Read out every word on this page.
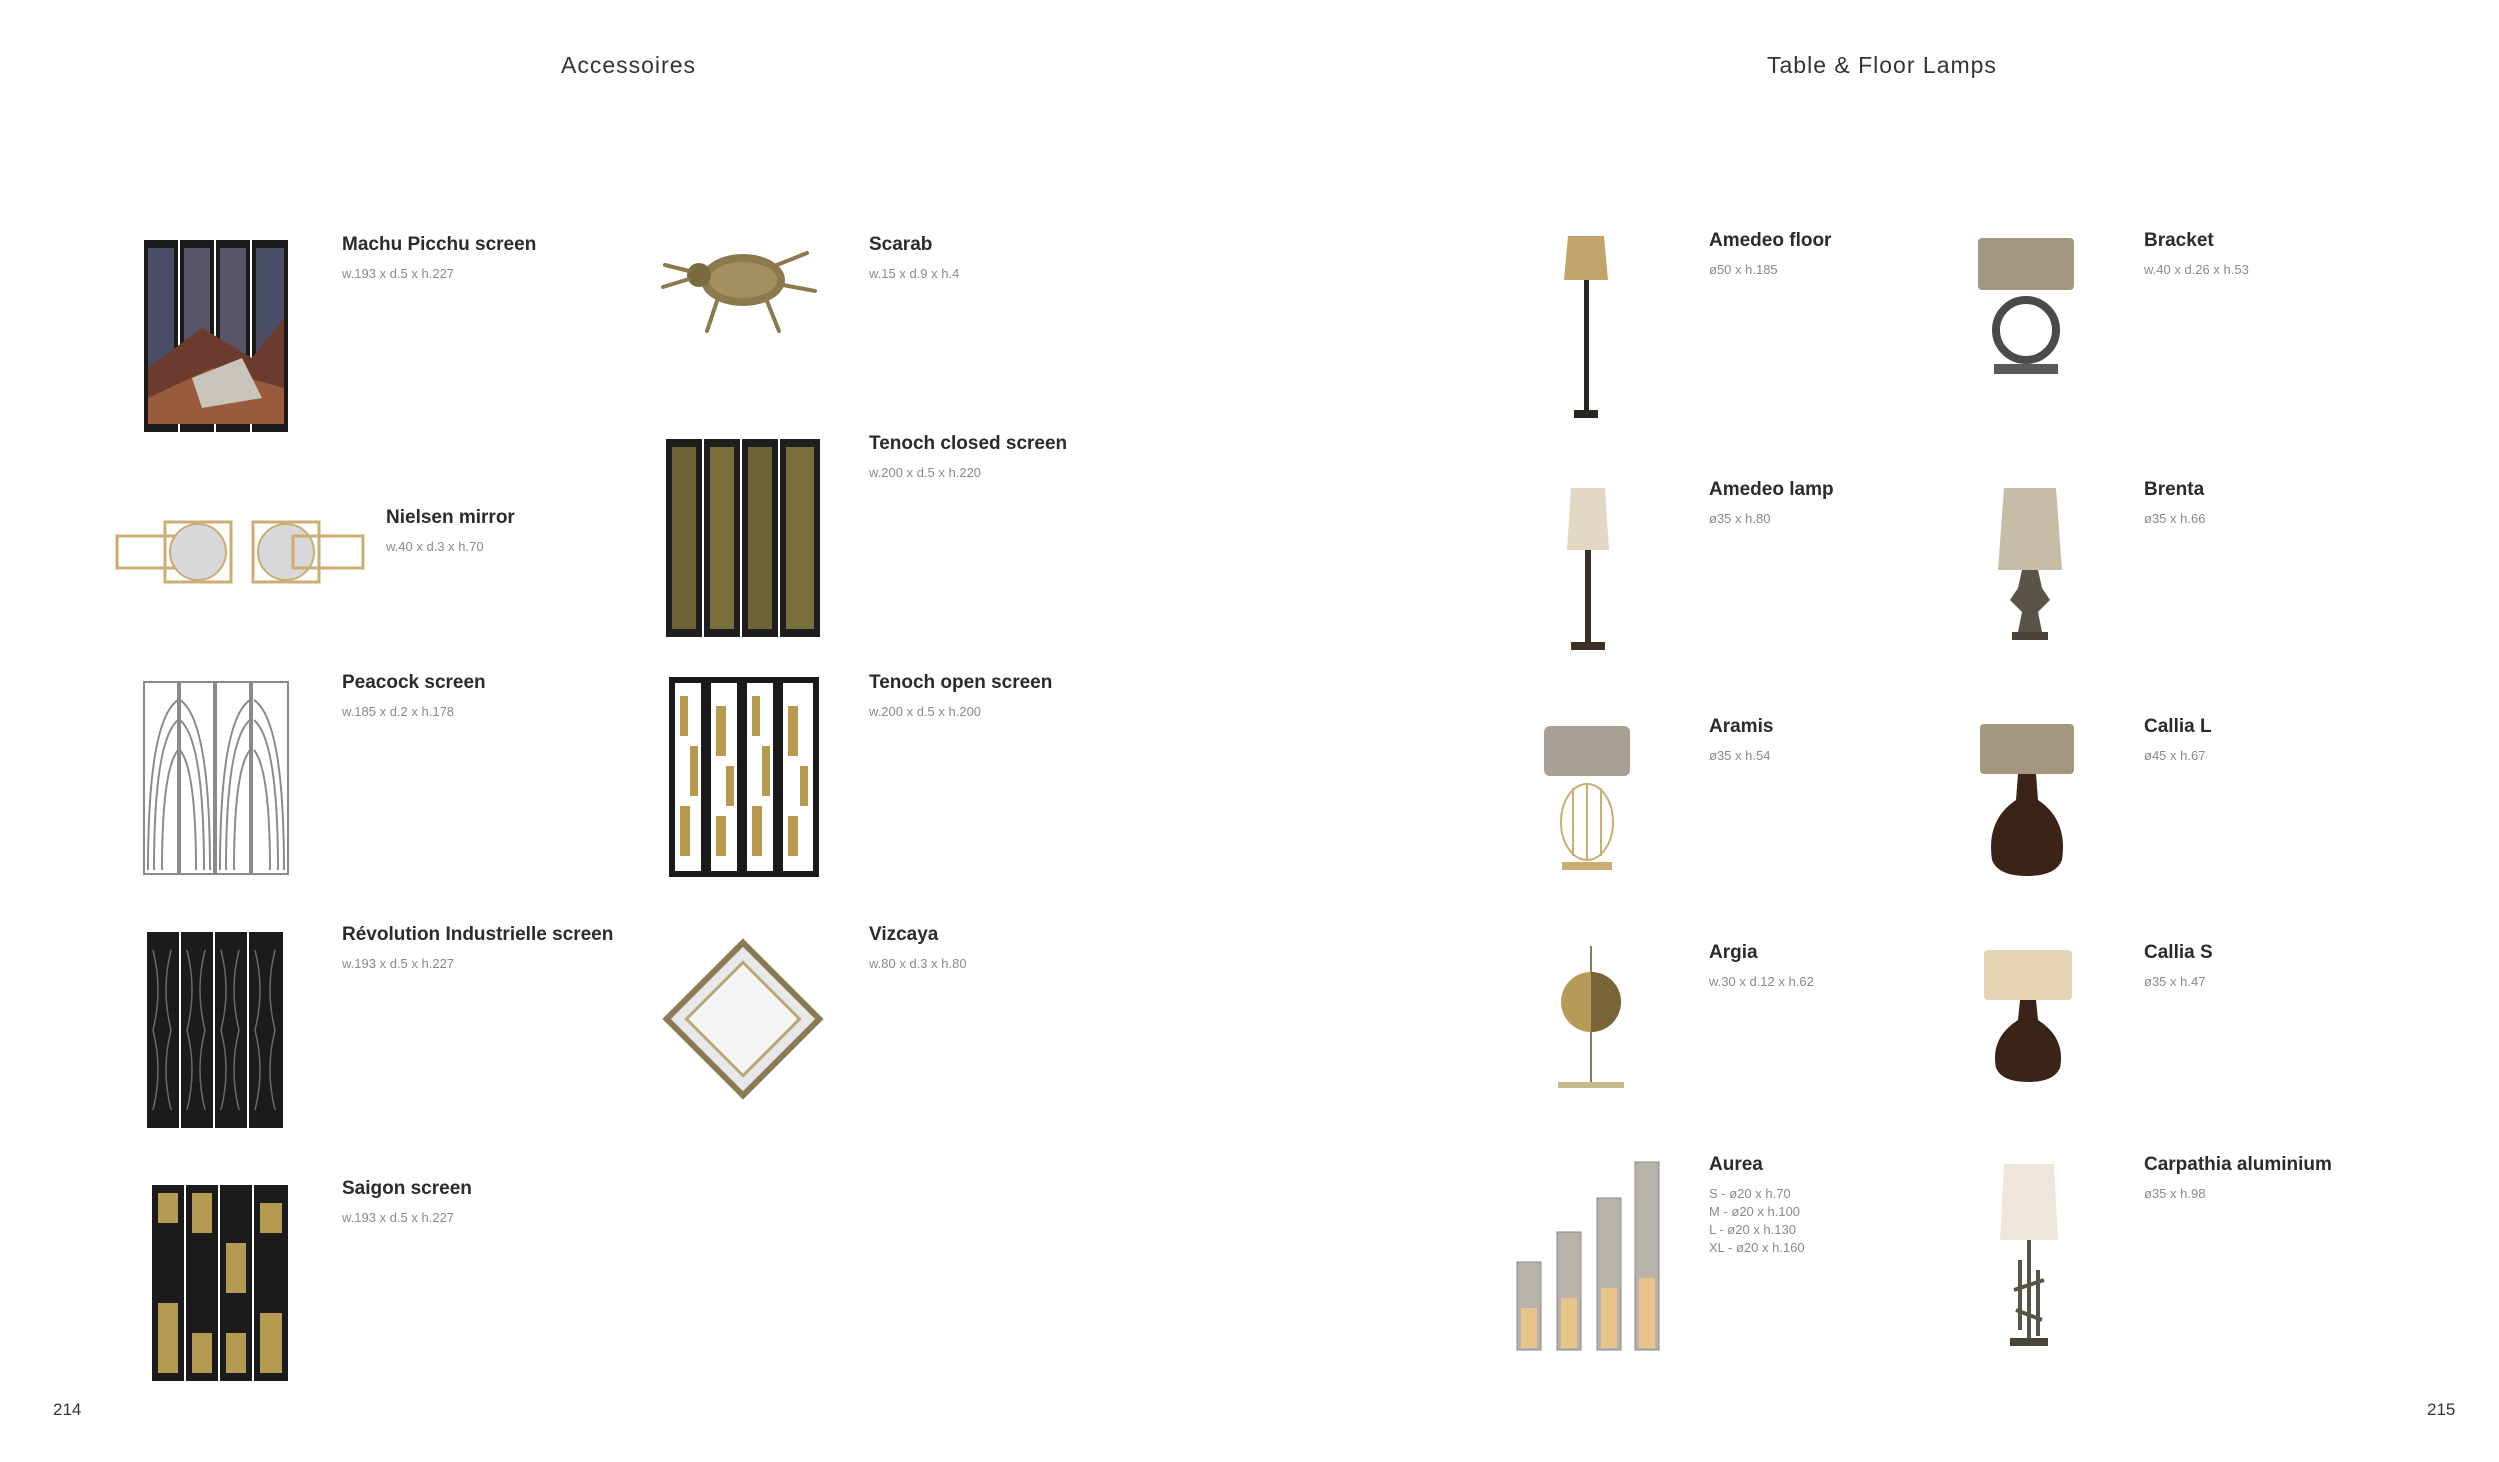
Accessoires
Machu Picchu screen
w.193 x d.5 x h.227
Nielsen mirror
w.40 x d.3 x h.70
Peacock screen
w.185 x d.2 x h.178
Révolution Industrielle screen
w.193 x d.5 x h.227
Saigon screen
w.193 x d.5 x h.227
Scarab
w.15 x d.9 x h.4
Tenoch closed screen
w.200 x d.5 x h.220
Tenoch open screen
w.200 x d.5 x h.200
Vizcaya
w.80 x d.3 x h.80
214
Table & Floor Lamps
Amedeo floor
ø50 x h.185
Amedeo lamp
ø35 x h.80
Aramis
ø35 x h.54
Argia
w.30 x d.12 x h.62
Aurea
S - ø20 x h.70
M - ø20 x h.100
L - ø20 x h.130
XL - ø20 x h.160
Bracket
w.40 x d.26 x h.53
Brenta
ø35 x h.66
Callia L
ø45 x h.67
Callia S
ø35 x h.47
Carpathia aluminium
ø35 x h.98
215
